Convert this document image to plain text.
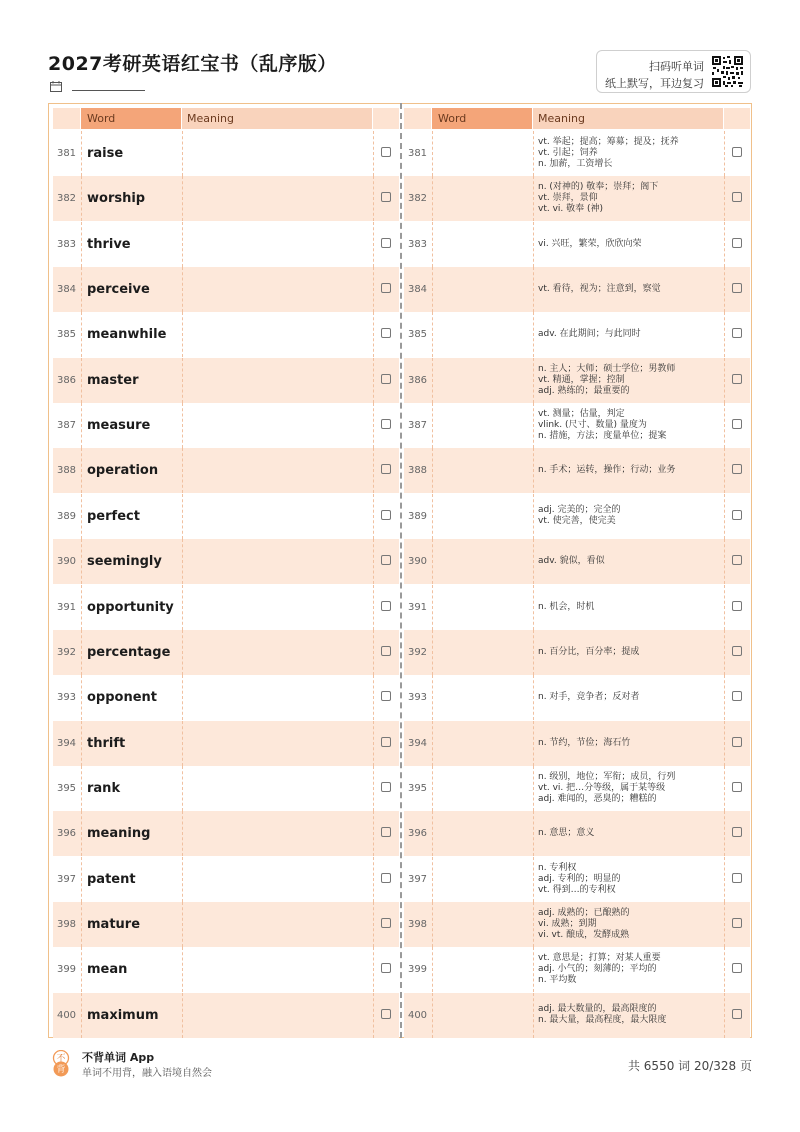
2027考研英语红宝书（乱序版）	扫码听单词
纸上默写，耳边复习
Word	Meaning
381 raise
382 worship
383 thrive
384 perceive
385 meanwhile
386 master
387 measure
388 operation
389 perfect
390 seemingly
391 opportunity
392 percentage
393 opponent
394 thrift
395 rank
396 meaning
397 patent
398 mature
399 mean
400 maximum
Word	Meaning
381
vt. 举起；提高；筹募；提及；抚养
vt. 引起；饲养
n. 加薪，工资增长
382
n. (对神的) 敬奉；崇拜；阁下
vt. 崇拜，景仰
vt. vi. 敬奉 (神)
383	vi. 兴旺，繁荣，欣欣向荣
384	vt. 看待，视为；注意到，察觉
385	adv. 在此期间；与此同时
386
n. 主人；大师；硕士学位；男教师
vt. 精通，掌握；控制
adj. 熟练的；最重要的
387
vt. 测量；估量，判定
vlink. (尺寸、数量) 量度为
n. 措施，方法；度量单位；提案
388	n. 手术；运转，操作；行动；业务
389
adj. 完美的；完全的
vt. 使完善，使完美
390	adv. 貌似，看似
391	n. 机会，时机
392	n. 百分比，百分率；提成
393	n. 对手，竞争者；反对者
394	n. 节约，节俭；海石竹
395
n. 级别，地位；军衔；成员，行列
vt. vi. 把…分等级，属于某等级
adj. 难闻的，恶臭的；糟糕的
396	n. 意思；意义
397
n. 专利权
adj. 专利的；明显的
vt. 得到…的专利权
398
adj. 成熟的；已酿熟的
vi. 成熟；到期
vi. vt. 酿成，发酵成熟
399
vt. 意思是；打算；对某人重要
adj. 小气的；刻薄的；平均的
n. 平均数
400
adj. 最大数量的，最高限度的
n. 最大量，最高程度，最大限度
不
背
不背单词 App
单词不用背，融入语境自然会
共 6550 词 20/328 页
